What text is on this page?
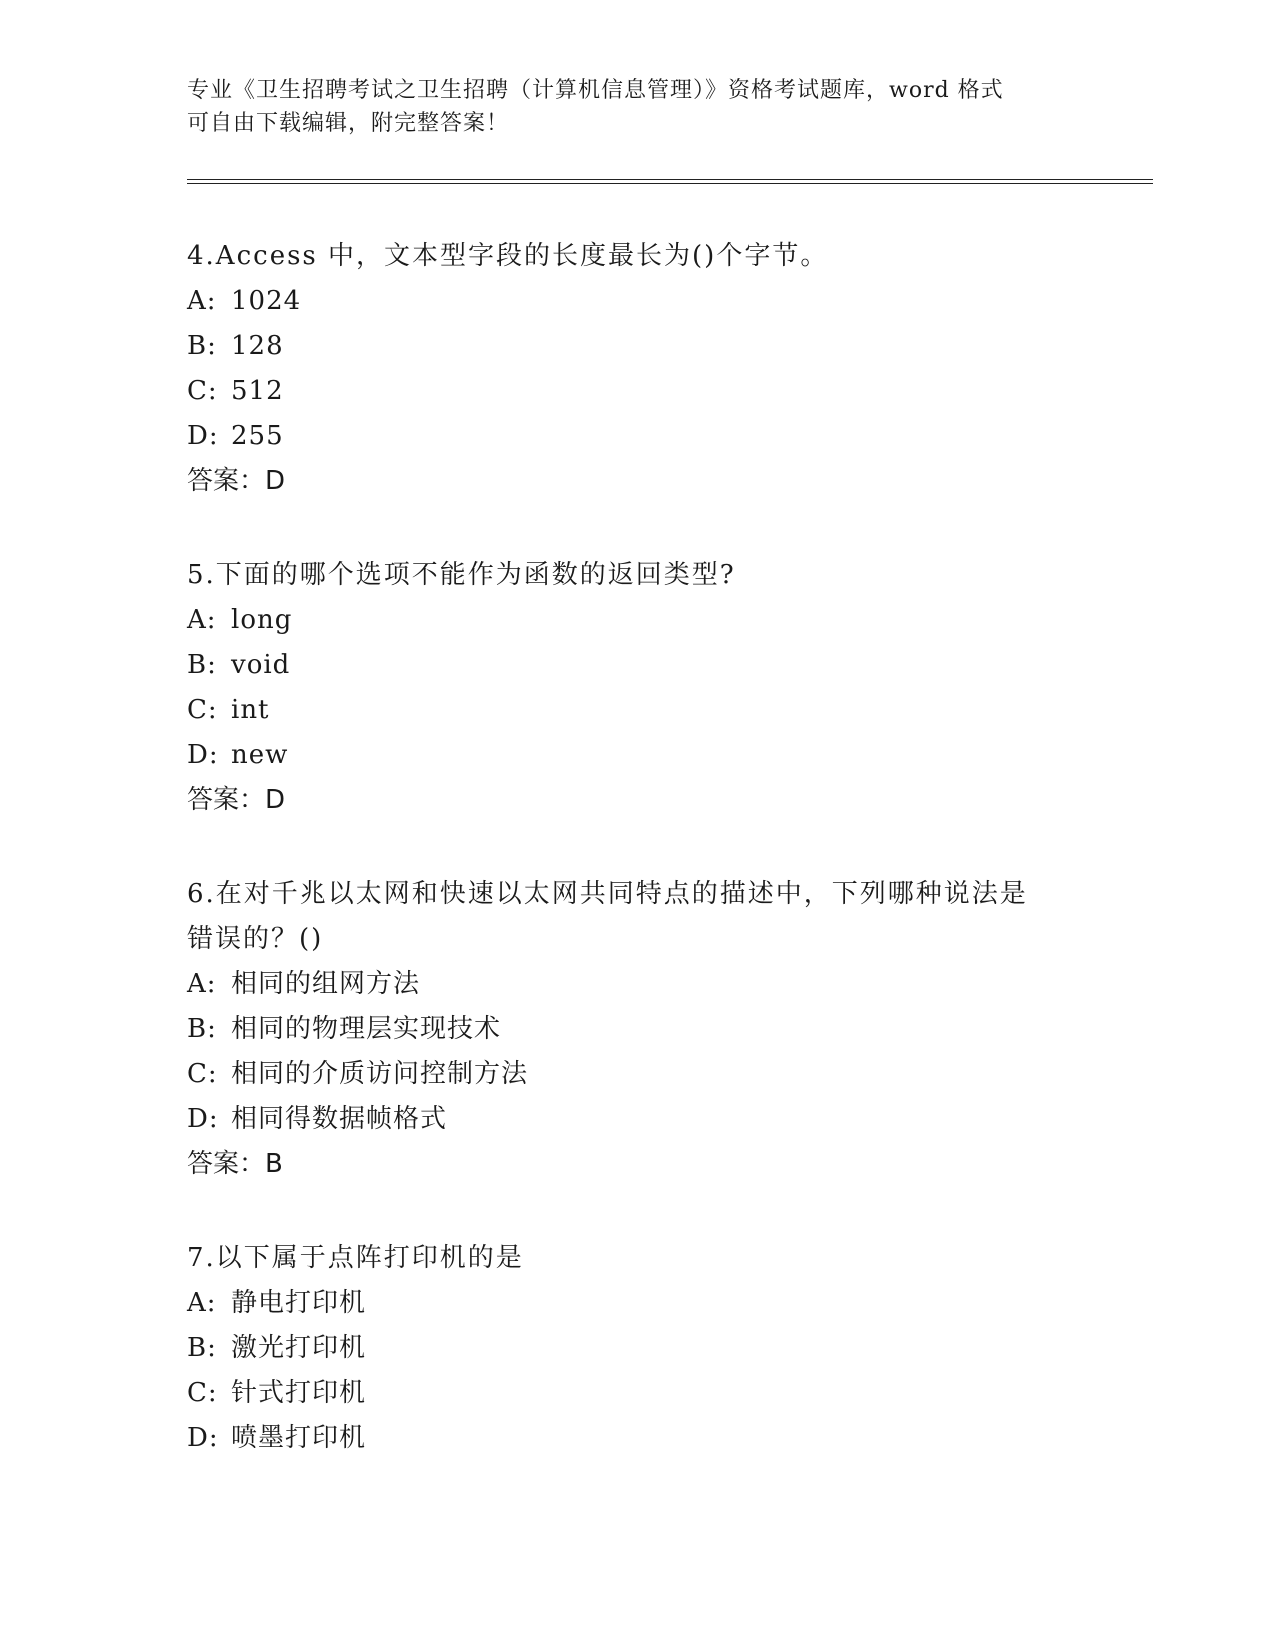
专业《卫生招聘考试之卫生招聘（计算机信息管理）》资格考试题库，word 格式
可自由下载编辑，附完整答案！

4.Access 中，文本型字段的长度最长为()个字节。

A: 1024

B: 128

C: 512

D: 255

答案：D

5.下面的哪个选项不能作为函数的返回类型?

A: long

B: void

C: int

D: new

答案：D

6.在对千兆以太网和快速以太网共同特点的描述中，下列哪种说法是

错误的？()

A: 相同的组网方法

B: 相同的物理层实现技术

C: 相同的介质访问控制方法

D: 相同得数据帧格式

答案：B

7.以下属于点阵打印机的是

A: 静电打印机

B: 激光打印机

C: 针式打印机

D: 喷墨打印机
